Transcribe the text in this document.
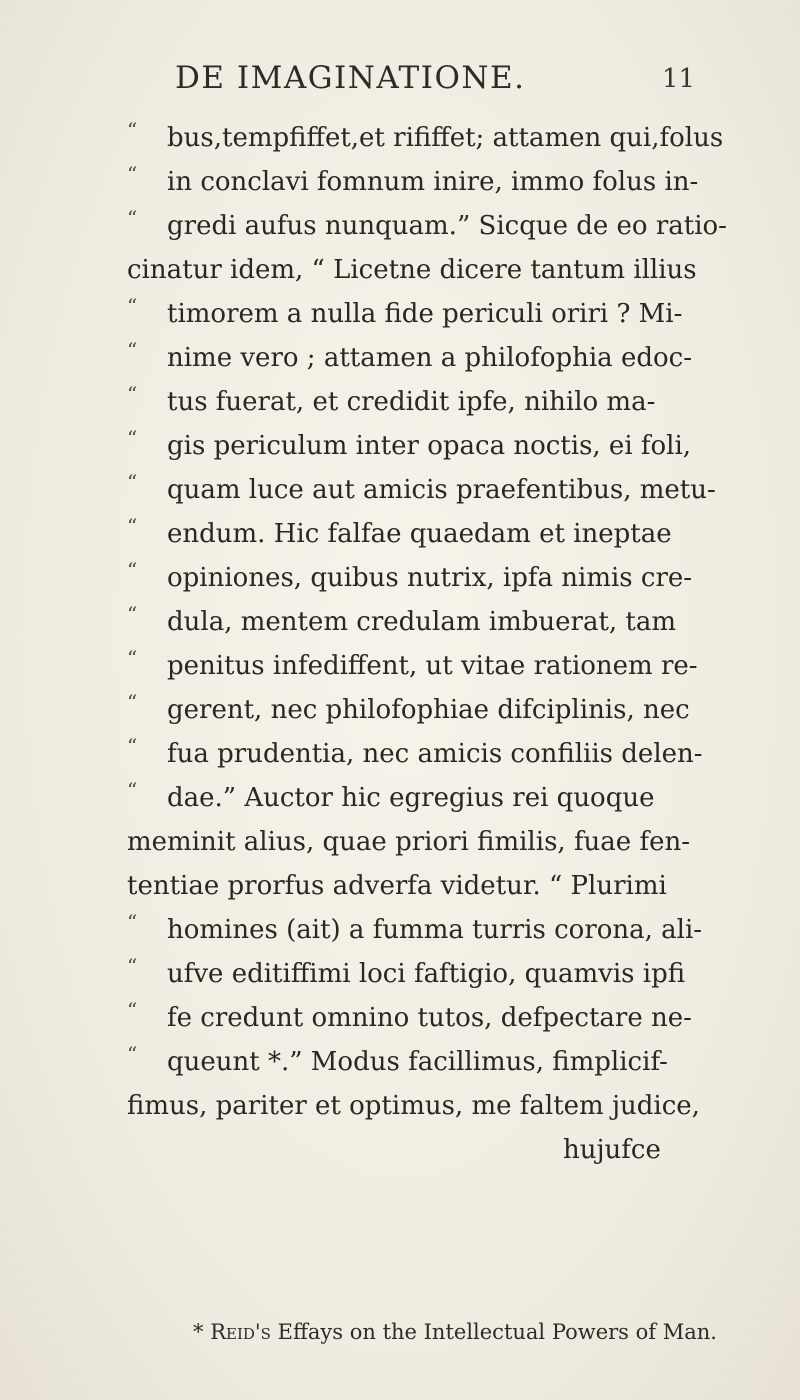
DE IMAGINATIONE.	11
“ bus,tempfiffet,et rififfet; attamen qui,folus
“ in conclavi fomnum inire, immo folus in-
“ gredi aufus nunquam.” Sicque de eo ratio-
cinatur idem, “ Licetne dicere tantum illius
“ timorem a nulla fide periculi oriri ? Mi-
“ nime vero ; attamen a philofophia edoc-
“ tus fuerat, et credidit ipfe, nihilo ma-
“ gis periculum inter opaca noctis, ei foli,
“ quam luce aut amicis praefentibus, metu-
“ endum. Hic falfae quaedam et ineptae
“ opiniones, quibus nutrix, ipfa nimis cre-
“ dula, mentem credulam imbuerat, tam
“ penitus infediffent, ut vitae rationem re-
“ gerent, nec philofophiae difciplinis, nec
“ fua prudentia, nec amicis confiliis delen-
“ dae.” Auctor hic egregius rei quoque
meminit alius, quae priori fimilis, fuae fen-
tentiae prorfus adverfa videtur. “ Plurimi
“ homines (ait) a fumma turris corona, ali-
“ ufve editiffimi loci faftigio, quamvis ipfi
“ fe credunt omnino tutos, defpectare ne-
“ queunt *.” Modus facillimus, fimplicif-
fimus, pariter et optimus, me faltem judice,
hujufce
* Reid's Effays on the Intellectual Powers of Man.
